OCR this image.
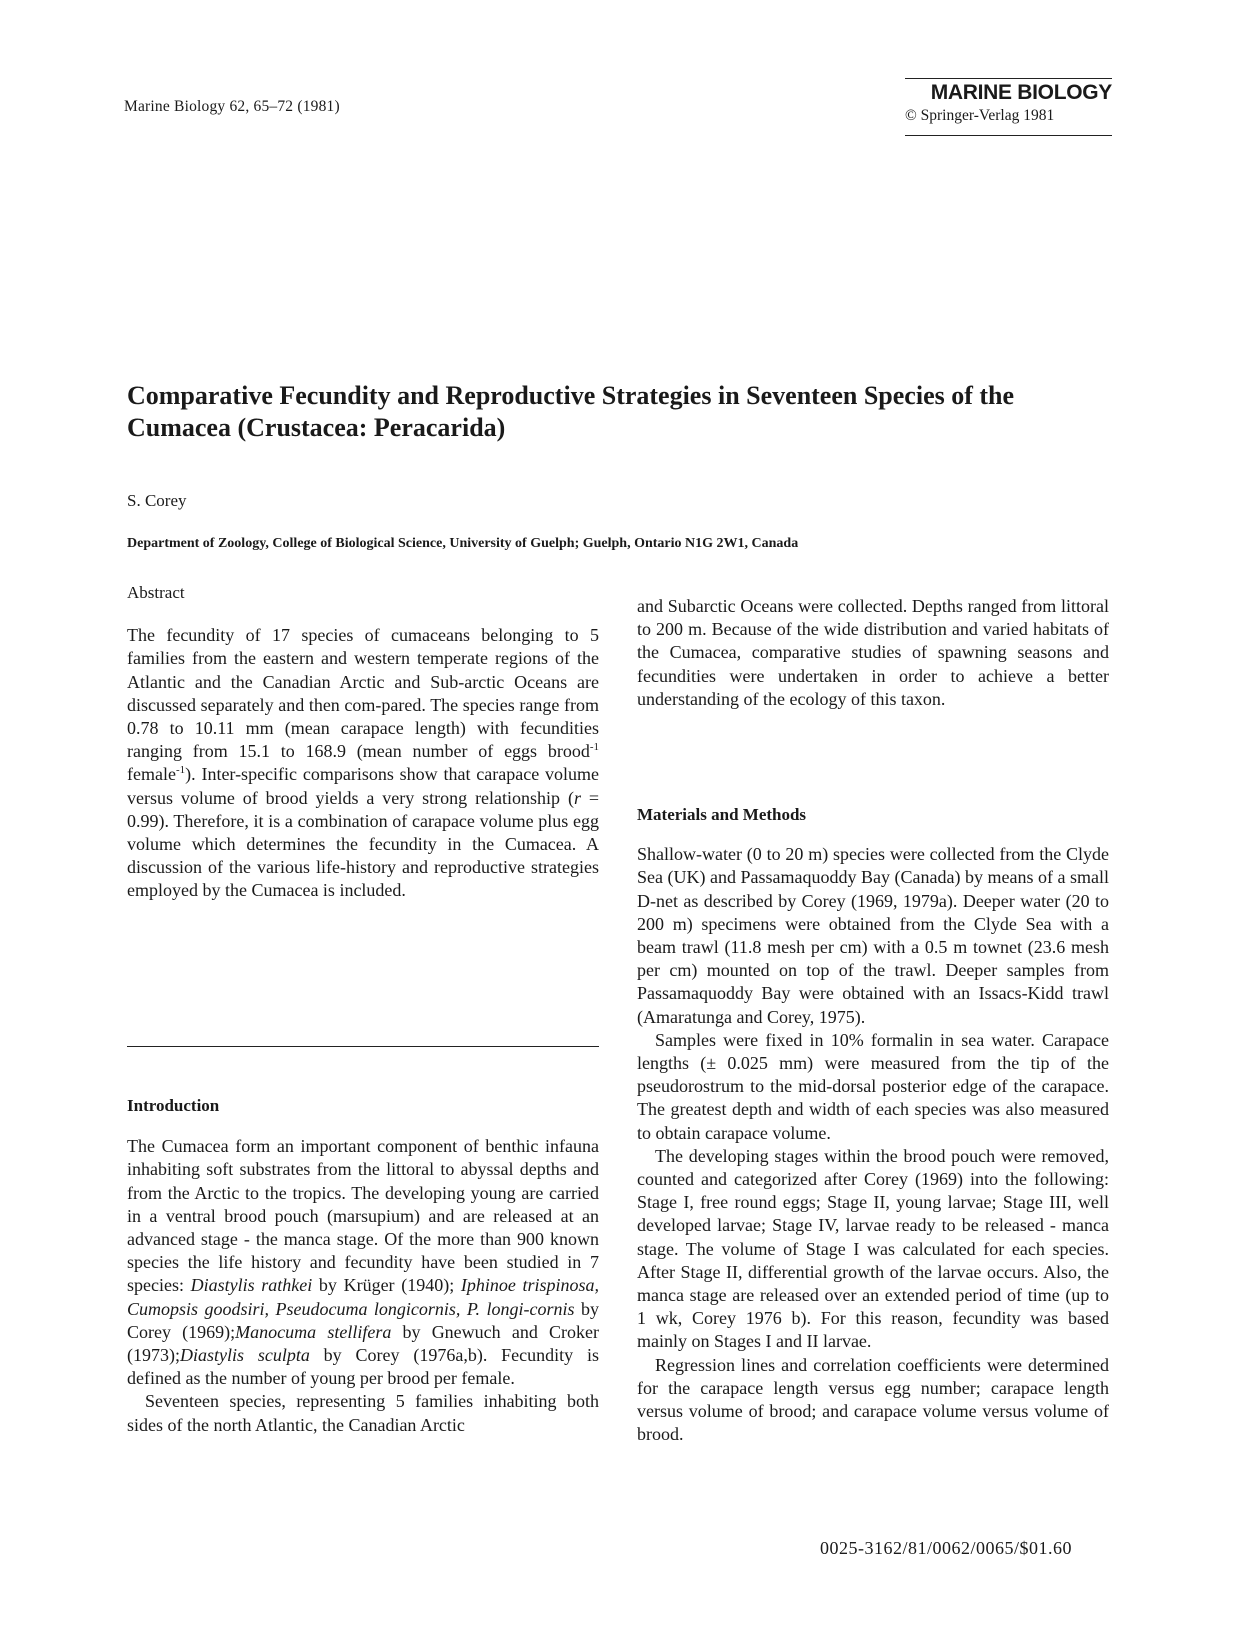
Marine Biology 62, 65–72 (1981)
MARINE BIOLOGY
© Springer-Verlag 1981
Comparative Fecundity and Reproductive Strategies in Seventeen Species of the Cumacea (Crustacea: Peracarida)
S. Corey
Department of Zoology, College of Biological Science, University of Guelph; Guelph, Ontario N1G 2W1, Canada
Abstract

The fecundity of 17 species of cumaceans belonging to 5 families from the eastern and western temperate regions of the Atlantic and the Canadian Arctic and Sub-arctic Oceans are discussed separately and then com-pared. The species range from 0.78 to 10.11 mm (mean carapace length) with fecundities ranging from 15.1 to 168.9 (mean number of eggs brood$^{-1}$ female$^{-1}$). Inter-specific comparisons show that carapace volume versus volume of brood yields a very strong relationship (r = 0.99). Therefore, it is a combination of carapace volume plus egg volume which determines the fecundity in the Cumacea. A discussion of the various life-history and reproductive strategies employed by the Cumacea is included.

Introduction

The Cumacea form an important component of benthic infauna inhabiting soft substrates from the littoral to abyssal depths and from the Arctic to the tropics. The developing young are carried in a ventral brood pouch (marsupium) and are released at an advanced stage - the manca stage. Of the more than 900 known species the life history and fecundity have been studied in 7 species: Diastylis rathkei by Krüger (1940); Iphinoe trispinosa, Cumopsis goodsiri, Pseudocuma longicornis, P. longi-cornis by Corey (1969);Manocuma stellifera by Gnewuch and Croker (1973);Diastylis sculpta by Corey (1976a,b). Fecundity is defined as the number of young per brood per female.

Seventeen species, representing 5 families inhabiting both sides of the north Atlantic, the Canadian Arctic

and Subarctic Oceans were collected. Depths ranged from littoral to 200 m. Because of the wide distribution and varied habitats of the Cumacea, comparative studies of spawning seasons and fecundities were undertaken in order to achieve a better understanding of the ecology of this taxon.

Materials and Methods

Shallow-water (0 to 20 m) species were collected from the Clyde Sea (UK) and Passamaquoddy Bay (Canada) by means of a small D-net as described by Corey (1969, 1979a). Deeper water (20 to 200 m) specimens were obtained from the Clyde Sea with a beam trawl (11.8 mesh per cm) with a 0.5 m townet (23.6 mesh per cm) mounted on top of the trawl. Deeper samples from Passamaquoddy Bay were obtained with an Issacs-Kidd trawl (Amaratunga and Corey, 1975).

Samples were fixed in 10% formalin in sea water. Carapace lengths (± 0.025 mm) were measured from the tip of the pseudorostrum to the mid-dorsal posterior edge of the carapace. The greatest depth and width of each species was also measured to obtain carapace volume.

The developing stages within the brood pouch were removed, counted and categorized after Corey (1969) into the following: Stage I, free round eggs; Stage II, young larvae; Stage III, well developed larvae; Stage IV, larvae ready to be released - manca stage. The volume of Stage I was calculated for each species. After Stage II, differential growth of the larvae occurs. Also, the manca stage are released over an extended period of time (up to 1 wk, Corey 1976 b). For this reason, fecundity was based mainly on Stages I and II larvae.

Regression lines and correlation coefficients were determined for the carapace length versus egg number; carapace length versus volume of brood; and carapace volume versus volume of brood.

0025-3162/81/0062/0065/$01.60
